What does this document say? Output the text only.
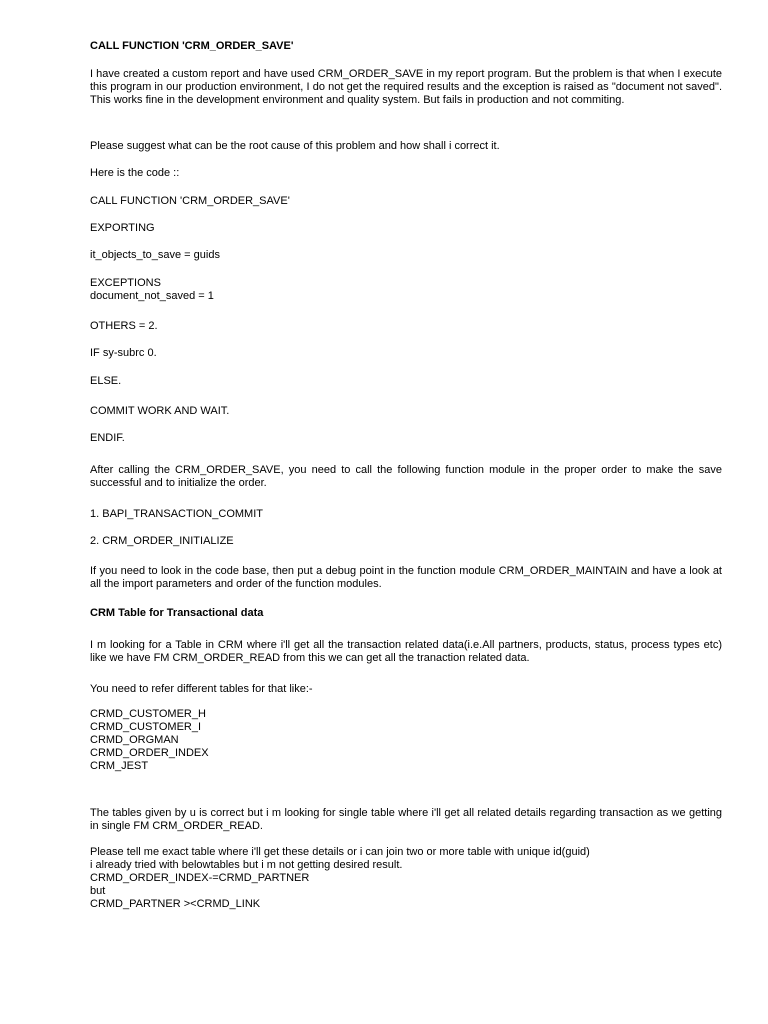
CALL FUNCTION 'CRM_ORDER_SAVE'
I have created a custom report and have used CRM_ORDER_SAVE in my report program. But the problem is that when I execute this program in our production environment, I do not get the required results and the exception is raised as "document not saved". This works fine in the development environment and quality system. But fails in production and not commiting.
Please suggest what can be the root cause of this problem and how shall i correct it.
Here is the code ::
CALL FUNCTION 'CRM_ORDER_SAVE'
EXPORTING
it_objects_to_save = guids
EXCEPTIONS
document_not_saved = 1
OTHERS = 2.
IF sy-subrc 0.
ELSE.
COMMIT WORK AND WAIT.
ENDIF.
After calling the CRM_ORDER_SAVE, you need to call the following function module in the proper order to make the save successful and to initialize the order.
1. BAPI_TRANSACTION_COMMIT
2. CRM_ORDER_INITIALIZE
If you need to look in the code base, then put a debug point in the function module CRM_ORDER_MAINTAIN and have a look at all the import parameters and order of the function modules.
CRM Table for Transactional data
I m looking for a Table in CRM where i'll get all the transaction related data(i.e.All partners, products, status, process types etc) like we have FM CRM_ORDER_READ from this we can get all the tranaction related data.
You need to refer different tables for that like:-
CRMD_CUSTOMER_H
CRMD_CUSTOMER_I
CRMD_ORGMAN
CRMD_ORDER_INDEX
CRM_JEST
The tables given by u is correct but i m looking for single table where i'll get all related details regarding transaction as we getting in single FM CRM_ORDER_READ.
Please tell me exact table where i'll get these details or i can join two or more table with unique id(guid)
i already tried with belowtables but i m not getting desired result.
CRMD_ORDER_INDEX-=CRMD_PARTNER
but
CRMD_PARTNER ><CRMD_LINK
